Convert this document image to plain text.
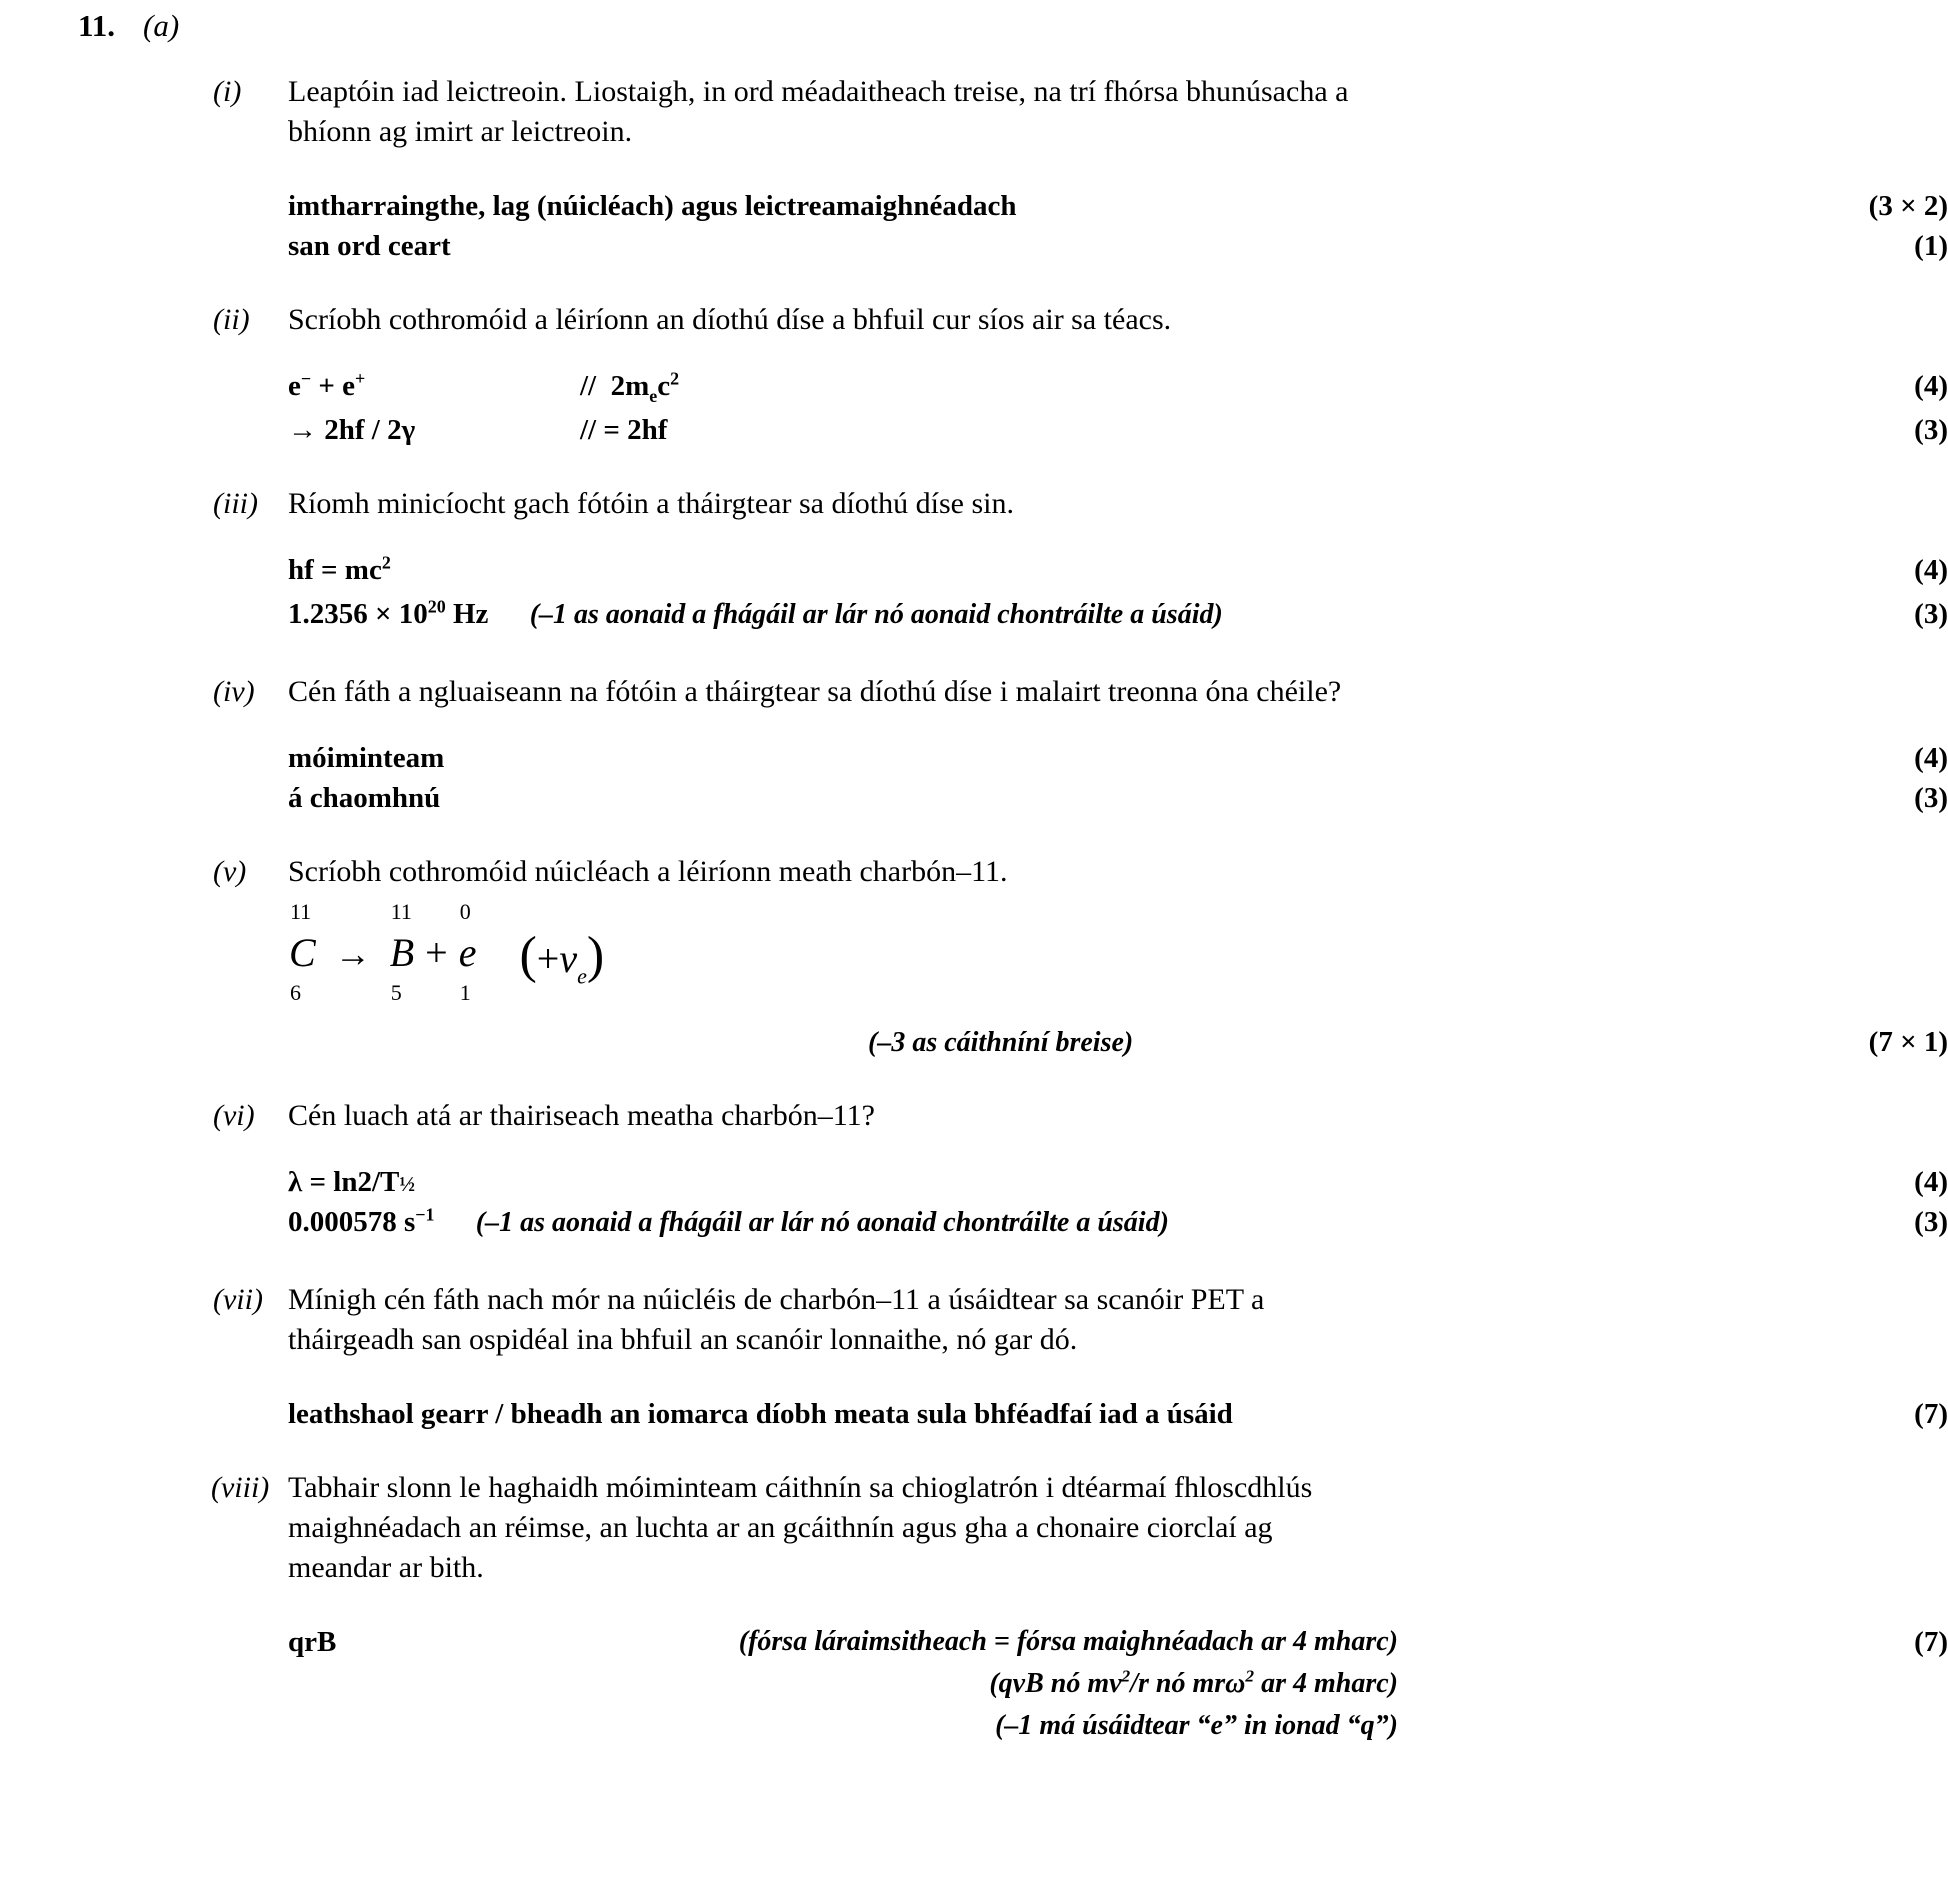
11. (a)
(i)	Leaptóin iad leictreoin. Liostaigh, in ord méadaitheach treise, na trí fhórsa bhunúsacha a
bhíonn ag imirt ar leictreoin.
imtharraingthe, lag (núicléach) agus leictreamaighnéadach	(3 × 2)
san ord ceart	(1)
(ii)	Scríobh cothromóid a léiríonn an díothú díse a bhfuil cur síos air sa téacs.
e− + e+	//  $2m_ec^2$	(4)
→ 2hf / 2γ	// = 2hf	(3)
(iii)	Ríomh minicíocht gach fótóin a tháirgtear sa díothú díse sin.
hf = $mc^2$	(4)
$1.2356 \times 10^{20}$ Hz (–1 as aonaid a fhágáil ar lár nó aonaid chontráilte a úsáid)	(3)
(iv)	Cén fáth a ngluaiseann na fótóin a tháirgtear sa díothú díse i malairt treonna óna chéile?
móiminteam	(4)
á chaomhnú	(3)
(v)	Scríobh cothromóid núicléach a léiríonn meath charbón–11.
11
C
6
→
11
B
5
+
0
e
1
$(+\nu_e)$
(–3 as cáithníní breise)	(7 × 1)
(vi)	Cén luach atá ar thairiseach meatha charbón–11?
λ = ln2/T½	(4)
0.000578 $s^{-1}$ (–1 as aonaid a fhágáil ar lár nó aonaid chontráilte a úsáid)	(3)
(vii) Mínigh cén fáth nach mór na núicléis de charbón–11 a úsáidtear sa scanóir PET a
tháirgeadh san ospidéal ina bhfuil an scanóir lonnaithe, nó gar dó.
leathshaol gearr / bheadh an iomarca díobh meata sula bhféadfaí iad a úsáid	(7)
(viii) Tabhair slonn le haghaidh móiminteam cáithnín sa chioglatrón i dtéarmaí fhloscdhlús
maighnéadach an réimse, an luchta ar an gcáithnín agus gha a chonaire ciorclaí ag
meandar ar bith.
qrB	(fórsa láraimsitheach = fórsa maighnéadach ar 4 mharc)	(7)
(qvB nó $mv^2/r$ nó mrω$^2$ ar 4 mharc)
(–1 má úsáidtear “e” in ionad “q”)
